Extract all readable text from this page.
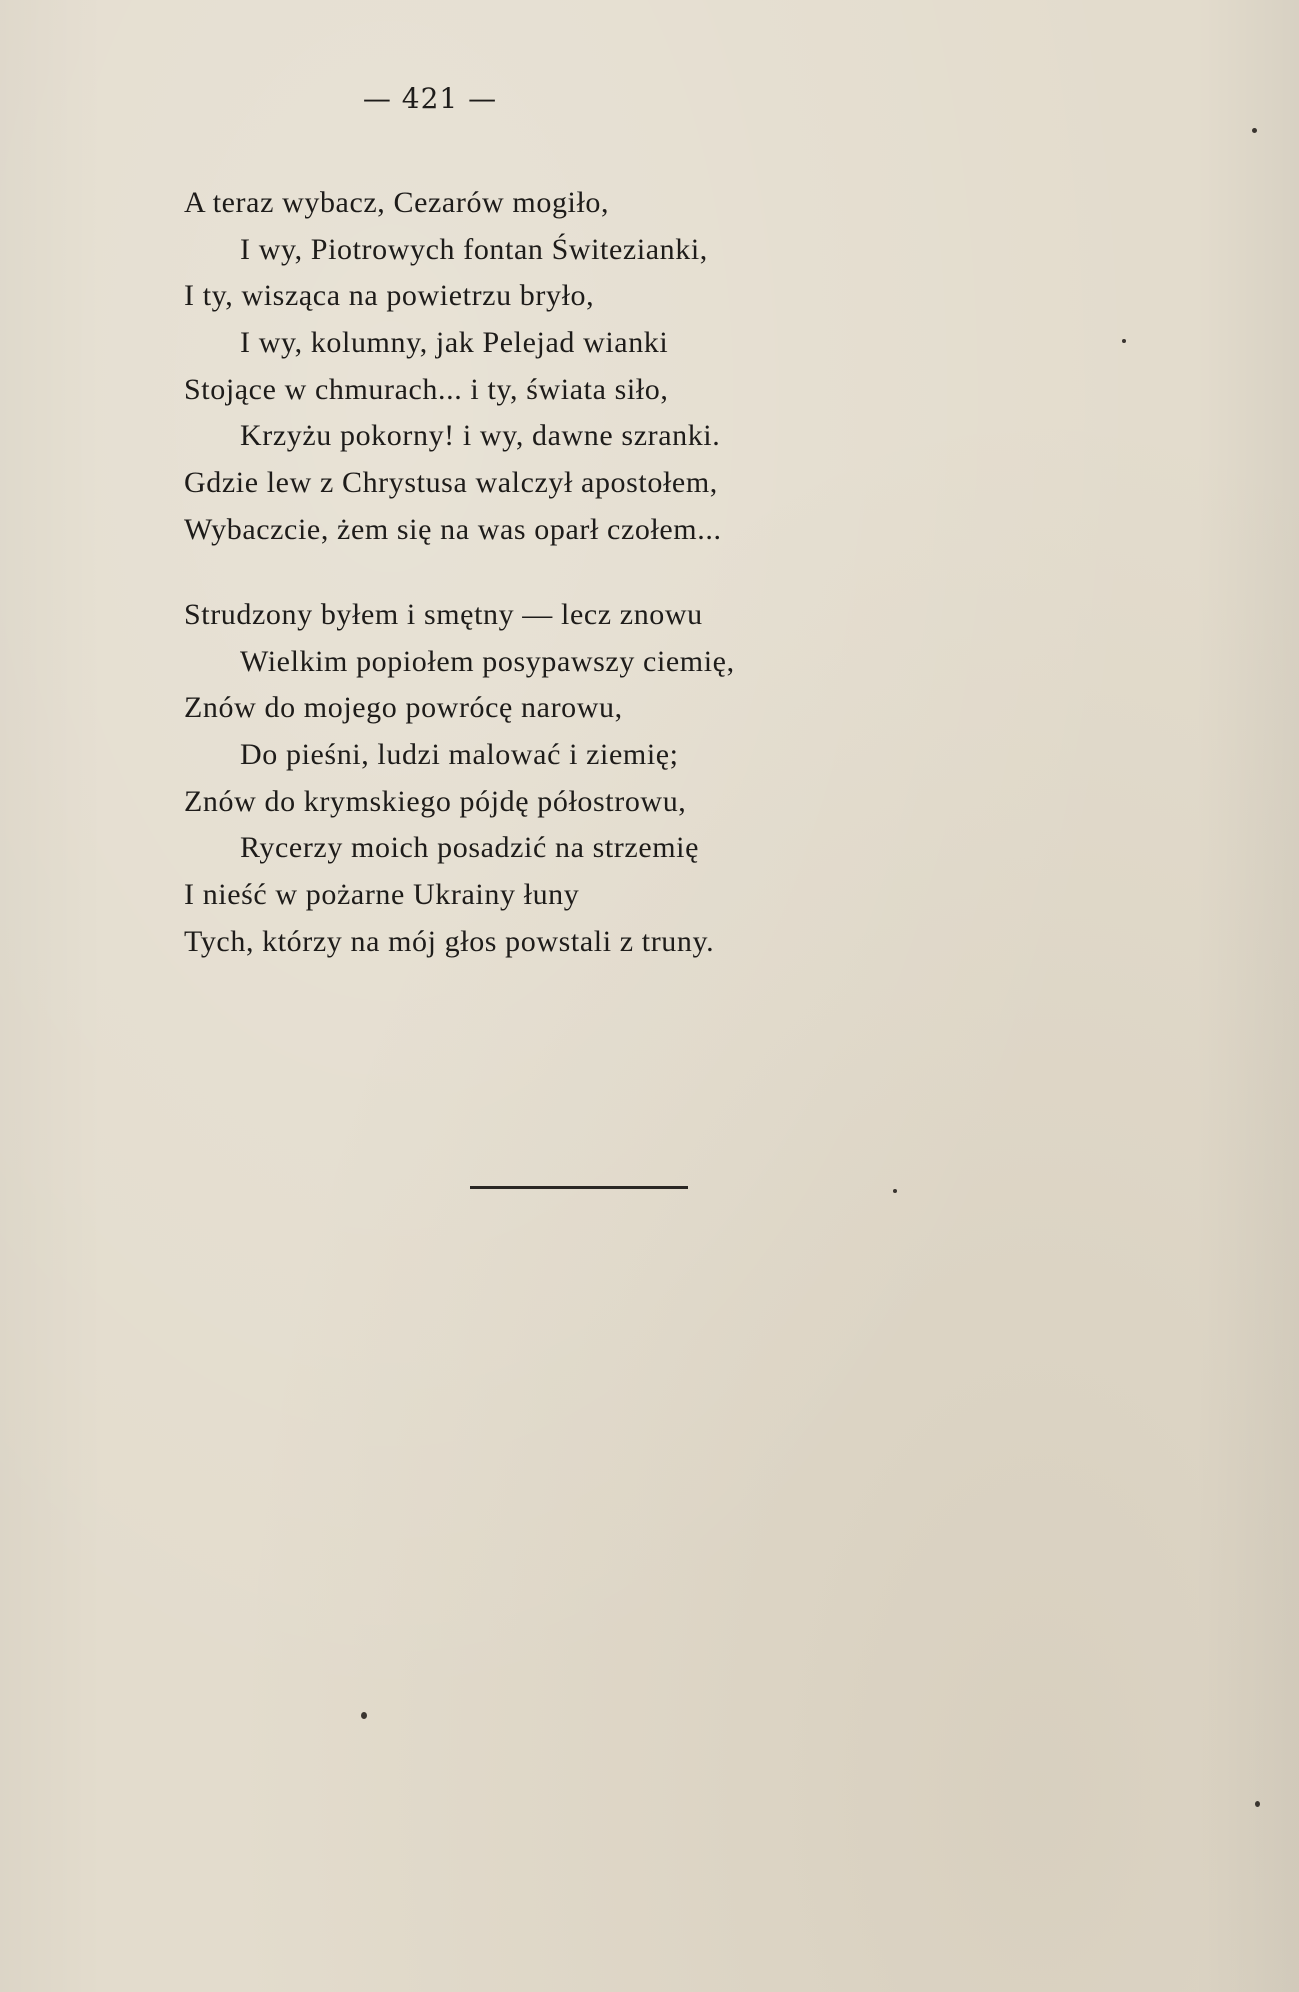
— 421 —
A teraz wybacz, Cezarów mogiło,
I wy, Piotrowych fontan Świtezianki,
I ty, wisząca na powietrzu bryło,
I wy, kolumny, jak Pelejad wianki
Stojące w chmurach... i ty, świata siło,
Krzyżu pokorny! i wy, dawne szranki.
Gdzie lew z Chrystusa walczył apostołem,
Wybaczcie, żem się na was oparł czołem...
Strudzony byłem i smętny — lecz znowu
Wielkim popiołem posypawszy ciemię,
Znów do mojego powrócę narowu,
Do pieśni, ludzi malować i ziemię;
Znów do krymskiego pójdę półostrowu,
Rycerzy moich posadzić na strzemię
I nieść w pożarne Ukrainy łuny
Tych, którzy na mój głos powstali z truny.
